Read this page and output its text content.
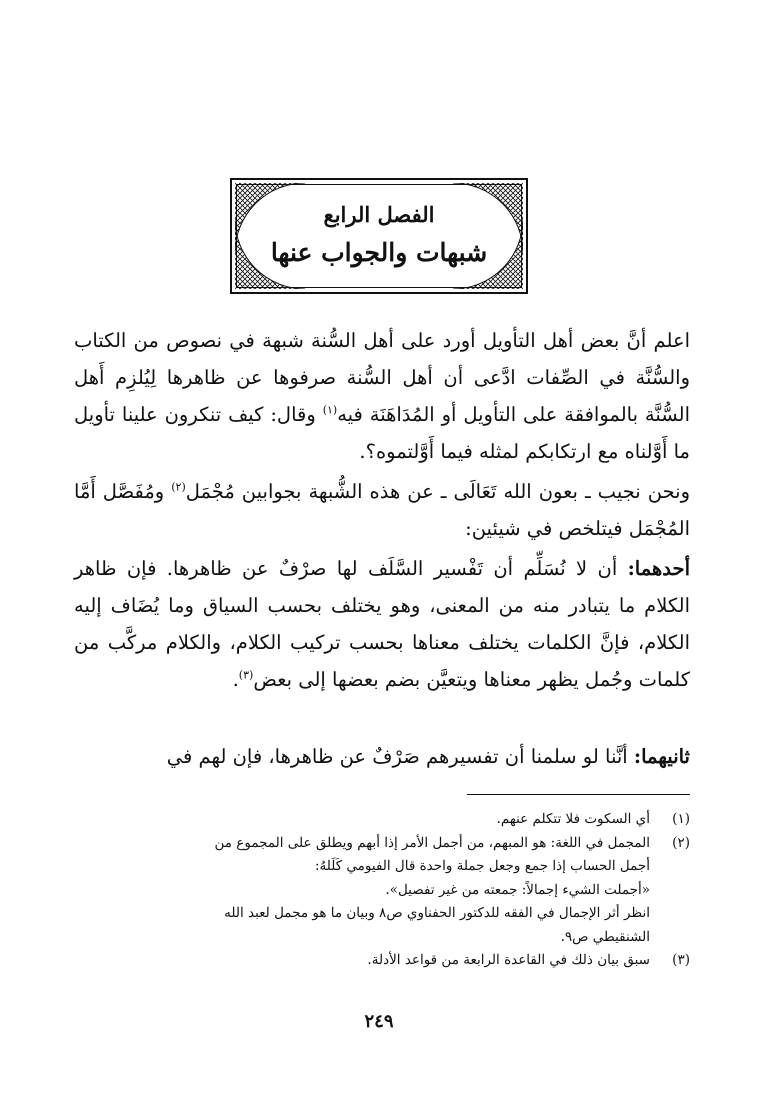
الفصل الرابع
شبهات والجواب عنها
اعلم أنَّ بعض أهل التأويل أورد على أهل السُّنة شبهة في نصوص من الكتاب والسُّنَّة في الصِّفات ادَّعى أن أهل السُّنة صرفوها عن ظاهرها لِيُلزِم أَهل السُّنَّة بالموافقة على التأويل أو المُدَاهَنَة فيه$^{(١)}$ وقال: كيف تنكرون علينا تأويل ما أَوَّلناه مع ارتكابكم لمثله فيما أَوَّلتموه؟.
ونحن نجيب ـ بعون الله تَعَالَى ـ عن هذه الشُّبهة بجوابين مُجْمَل$^{(٢)}$ ومُفَصَّل أَمَّا المُجْمَل فيتلخص في شيئين:
أحدهما: أن لا نُسَلِّم أن تَفْسير السَّلَف لها صرْفٌ عن ظاهرها. فإن ظاهر الكلام ما يتبادر منه من المعنى، وهو يختلف بحسب السياق وما يُضَاف إليه الكلام، فإنَّ الكلمات يختلف معناها بحسب تركيب الكلام، والكلام مركَّب من كلمات وجُمل يظهر معناها ويتعيَّن بضم بعضها إلى بعض$^{(٣)}$.
ثانيهما: أنَّنا لو سلمنا أن تفسيرهم صَرْفٌ عن ظاهرها، فإن لهم في
(١)
أي السكوت فلا تتكلم عنهم.
(٢)
المجمل في اللغة: هو المبهم، من أجمل الأمر إذا أبهم ويطلق على المجموع من
أجمل الحساب إذا جمع وجعل جملة واحدة قال الفيومي كَلَلهُ:
«أجملت الشيء إجمالاً: جمعته من غير تفصيل».
انظر أثر الإجمال في الفقه للدكتور الحفناوي ص٨ وبيان ما هو مجمل لعبد الله
الشنقيطي ص٩.
(٣)
سبق بيان ذلك في القاعدة الرابعة من قواعد الأدلة.
٢٤٩
